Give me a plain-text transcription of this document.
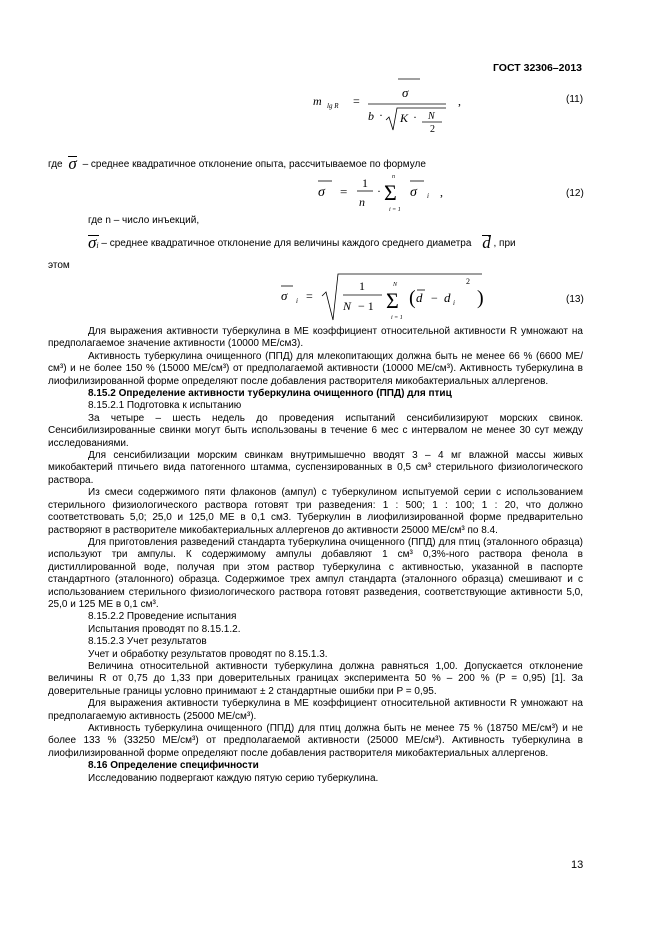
ГОСТ 32306–2013
m lg R =
σ
b · K · N
2
,	(11)
где σ – среднее квадратичное отклонение опыта, рассчитываемое по формуле
σ =
1
n
·
n
Σ
i = 1
σ i ,	(12)
где n – число инъекций,
σi – среднее квадратичное отклонение для величины каждого среднего диаметра d , при
этом
σ i =
1
N − 1
N
Σ
i = 1
( d − d i
2
)	(13)

Для выражения активности туберкулина в МЕ коэффициент относительной активности R умножают на предполагаемое значение активности (10000 МЕ/см3).

Активность туберкулина очищенного (ППД) для млекопитающих должна быть не менее 66 % (6600 МЕ/см³) и не более 150 % (15000 МЕ/см³) от предполагаемой активности (10000 МЕ/см³). Активность туберкулина в лиофилизированной форме определяют после добавления растворителя микобактериальных аллергенов.

8.15.2 Определение активности туберкулина очищенного (ППД) для птиц

8.15.2.1 Подготовка к испытанию

За четыре – шесть недель до проведения испытаний сенсибилизируют морских свинок. Сенсибилизированные свинки могут быть использованы в течение 6 мес с интервалом не менее 30 сут между исследованиями.

Для сенсибилизации морским свинкам внутримышечно вводят 3 – 4 мг влажной массы живых микобактерий птичьего вида патогенного штамма, суспензированных в 0,5 см³ стерильного физиологического раствора.

Из смеси содержимого пяти флаконов (ампул) с туберкулином испытуемой серии с использованием стерильного физиологического раствора готовят три разведения: 1 : 500; 1 : 100; 1 : 20, что должно соответствовать 5,0; 25,0 и 125,0 МЕ в 0,1 см3. Туберкулин в лиофилизированной форме предварительно растворяют в растворителе микобактериальных аллергенов до активности 25000 МЕ/см³ по 8.4.

Для приготовления разведений стандарта туберкулина очищенного (ППД) для птиц (эталонного образца) используют три ампулы. К содержимому ампулы добавляют 1 см³ 0,3%-ного раствора фенола в дистиллированной воде, получая при этом раствор туберкулина с активностью, указанной в паспорте стандартного (эталонного) образца. Содержимое трех ампул стандарта (эталонного образца) смешивают и с использованием стерильного физиологического раствора готовят разведения, соответствующие активности 5,0, 25,0 и 125 МЕ в 0,1 см³.

8.15.2.2 Проведение испытания

Испытания проводят по 8.15.1.2.

8.15.2.3 Учет результатов

Учет и обработку результатов проводят по 8.15.1.3.

Величина относительной активности туберкулина должна равняться 1,00. Допускается отклонение величины R от 0,75 до 1,33 при доверительных границах эксперимента 50 % – 200 % (P = 0,95) [1]. За доверительные границы условно принимают ± 2 стандартные ошибки при P = 0,95.

Для выражения активности туберкулина в МЕ коэффициент относительной активности R умножают на предполагаемую активность (25000 МЕ/см³).

Активность туберкулина очищенного (ППД) для птиц должна быть не менее 75 % (18750 МЕ/см³) и не более 133 % (33250 МЕ/см³) от предполагаемой активности (25000 МЕ/см³). Активность туберкулина в лиофилизированной форме определяют после добавления растворителя микобактериальных аллергенов.

8.16 Определение специфичности

Исследованию подвергают каждую пятую серию туберкулина.

13
